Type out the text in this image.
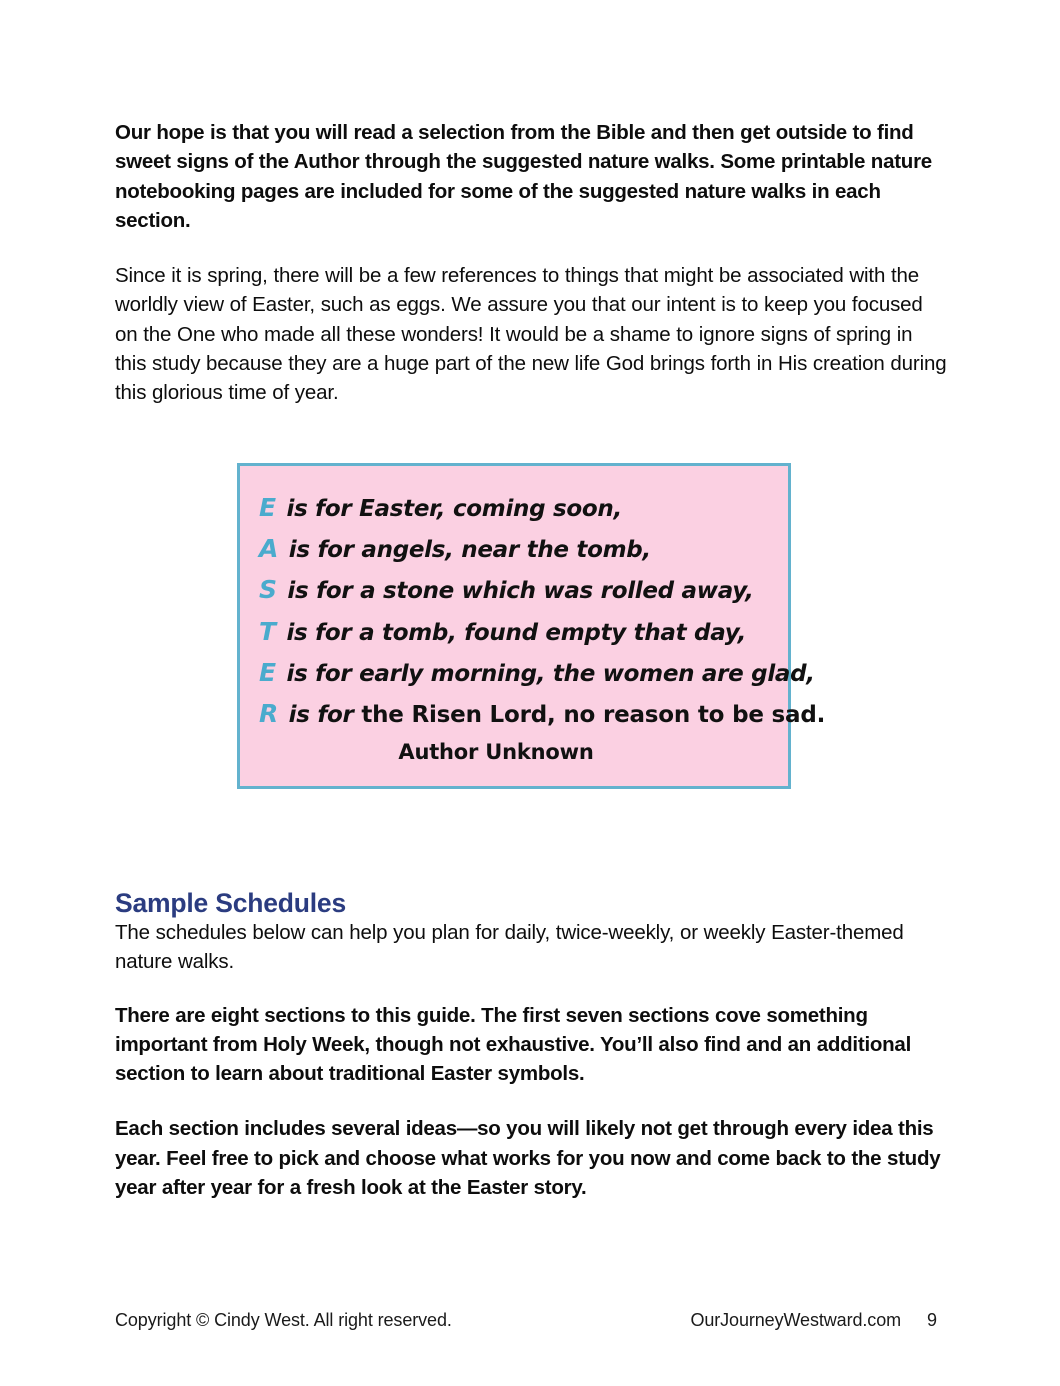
Our hope is that you will read a selection from the Bible and then get outside to find sweet signs of the Author through the suggested nature walks. Some printable nature notebooking pages are included for some of the suggested nature walks in each section.

Since it is spring, there will be a few references to things that might be associated with the worldly view of Easter, such as eggs. We assure you that our intent is to keep you focused on the One who made all these wonders! It would be a shame to ignore signs of spring in this study because they are a huge part of the new life God brings forth in His creation during this glorious time of year.

E is for Easter, coming soon,
A is for angels, near the tomb,
S is for a stone which was rolled away,
T is for a tomb, found empty that day,
E is for early morning, the women are glad,
R is for the Risen Lord, no reason to be sad.
Author Unknown
Sample Schedules

The schedules below can help you plan for daily, twice-weekly, or weekly Easter-themed nature walks.

There are eight sections to this guide. The first seven sections cove something important from Holy Week, though not exhaustive. You’ll also find and an additional section to learn about traditional Easter symbols.

Each section includes several ideas—so you will likely not get through every idea this year. Feel free to pick and choose what works for you now and come back to the study year after year for a fresh look at the Easter story.

Copyright © Cindy West. All right reserved.	OurJourneyWestward.com 9
